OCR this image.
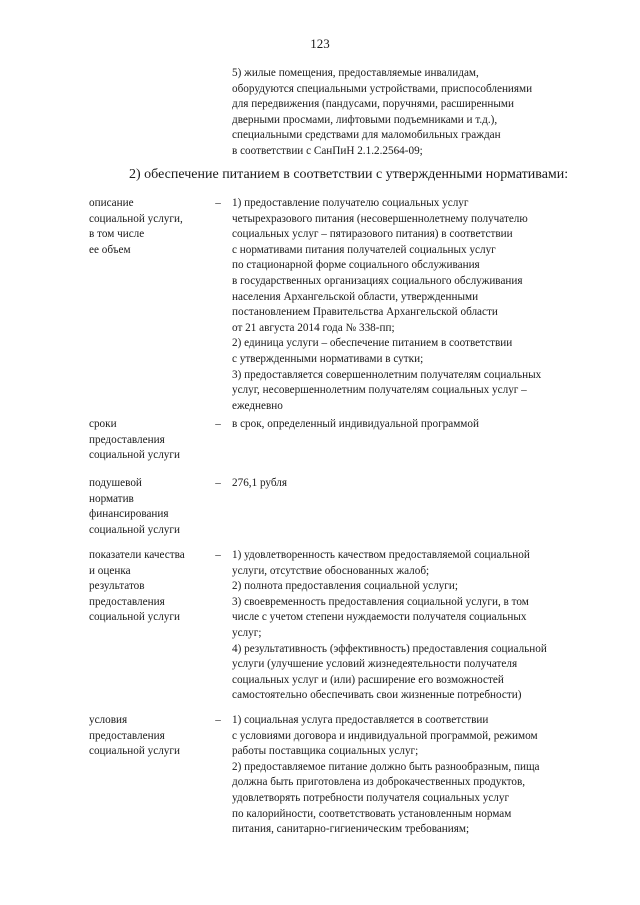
123
5) жилые помещения, предоставляемые инвалидам,
оборудуются специальными устройствами, приспособлениями
для передвижения (пандусами, поручнями, расширенными
дверными просмами, лифтовыми подъемниками и т.д.),
специальными средствами для маломобильных граждан
в соответствии с СанПиН 2.1.2.2564-09;
2) обеспечение питанием в соответствии с утвержденными нормативами:
описание
социальной услуги,
в том числе
ее объем
– 1) предоставление получателю социальных услуг
четырехразового питания (несовершеннолетнему получателю
социальных услуг – пятиразового питания) в соответствии
с нормативами питания получателей социальных услуг
по стационарной форме социального обслуживания
в государственных организациях социального обслуживания
населения Архангельской области, утвержденными
постановлением Правительства Архангельской области
от 21 августа 2014 года № 338-пп;
2) единица услуги – обеспечение питанием в соответствии
с утвержденными нормативами в сутки;
3) предоставляется совершеннолетним получателям социальных
услуг, несовершеннолетним получателям социальных услуг –
ежедневно
сроки
предоставления
социальной услуги
– в срок, определенный индивидуальной программой
подушевой
норматив
финансирования
социальной услуги
– 276,1 рубля
показатели качества
и оценка
результатов
предоставления
социальной услуги
– 1) удовлетворенность качеством предоставляемой социальной
услуги, отсутствие обоснованных жалоб;
2) полнота предоставления социальной услуги;
3) своевременность предоставления социальной услуги, в том
числе с учетом степени нуждаемости получателя социальных
услуг;
4) результативность (эффективность) предоставления социальной
услуги (улучшение условий жизнедеятельности получателя
социальных услуг и (или) расширение его возможностей
самостоятельно обеспечивать свои жизненные потребности)
условия
предоставления
социальной услуги
– 1) социальная услуга предоставляется в соответствии
с условиями договора и индивидуальной программой, режимом
работы поставщика социальных услуг;
2) предоставляемое питание должно быть разнообразным, пища
должна быть приготовлена из доброкачественных продуктов,
удовлетворять потребности получателя социальных услуг
по калорийности, соответствовать установленным нормам
питания, санитарно-гигиеническим требованиям;
